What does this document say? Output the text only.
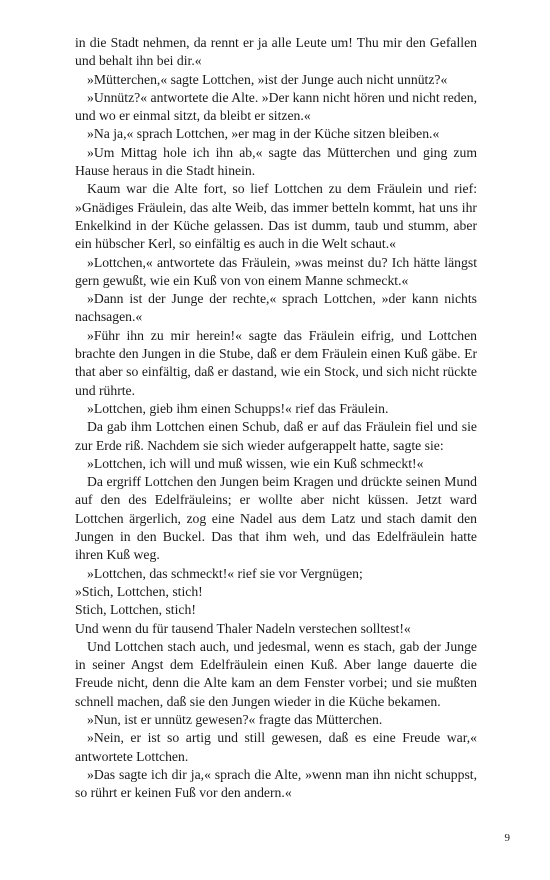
in die Stadt nehmen, da rennt er ja alle Leute um! Thu mir den Gefallen und behalt ihn bei dir.«

»Mütterchen,« sagte Lottchen, »ist der Junge auch nicht unnütz?«

»Unnütz?« antwortete die Alte. »Der kann nicht hören und nicht reden, und wo er einmal sitzt, da bleibt er sitzen.«

»Na ja,« sprach Lottchen, »er mag in der Küche sitzen bleiben.«

»Um Mittag hole ich ihn ab,« sagte das Mütterchen und ging zum Hause heraus in die Stadt hinein.

Kaum war die Alte fort, so lief Lottchen zu dem Fräulein und rief: »Gnädiges Fräulein, das alte Weib, das immer betteln kommt, hat uns ihr Enkelkind in der Küche gelassen. Das ist dumm, taub und stumm, aber ein hübscher Kerl, so einfältig es auch in die Welt schaut.«

»Lottchen,« antwortete das Fräulein, »was meinst du? Ich hätte längst gern gewußt, wie ein Kuß von von einem Manne schmeckt.«

»Dann ist der Junge der rechte,« sprach Lottchen, »der kann nichts nachsagen.«

»Führ ihn zu mir herein!« sagte das Fräulein eifrig, und Lottchen brachte den Jungen in die Stube, daß er dem Fräulein einen Kuß gäbe. Er that aber so einfältig, daß er dastand, wie ein Stock, und sich nicht rückte und rührte.

»Lottchen, gieb ihm einen Schupps!« rief das Fräulein.

Da gab ihm Lottchen einen Schub, daß er auf das Fräulein fiel und sie zur Erde riß. Nachdem sie sich wieder aufgerappelt hatte, sagte sie:

»Lottchen, ich will und muß wissen, wie ein Kuß schmeckt!«

Da ergriff Lottchen den Jungen beim Kragen und drückte seinen Mund auf den des Edelfräuleins; er wollte aber nicht küssen. Jetzt ward Lottchen ärgerlich, zog eine Nadel aus dem Latz und stach damit den Jungen in den Buckel. Das that ihm weh, und das Edelfräulein hatte ihren Kuß weg.

»Lottchen, das schmeckt!« rief sie vor Vergnügen;

»Stich, Lottchen, stich!

Stich, Lottchen, stich!

Und wenn du für tausend Thaler Nadeln verstechen solltest!«

Und Lottchen stach auch, und jedesmal, wenn es stach, gab der Junge in seiner Angst dem Edelfräulein einen Kuß. Aber lange dauerte die Freude nicht, denn die Alte kam an dem Fenster vorbei; und sie mußten schnell machen, daß sie den Jungen wieder in die Küche bekamen.

»Nun, ist er unnütz gewesen?« fragte das Mütterchen.

»Nein, er ist so artig und still gewesen, daß es eine Freude war,« antwortete Lottchen.

»Das sagte ich dir ja,« sprach die Alte, »wenn man ihn nicht schuppst, so rührt er keinen Fuß vor den andern.«

9
